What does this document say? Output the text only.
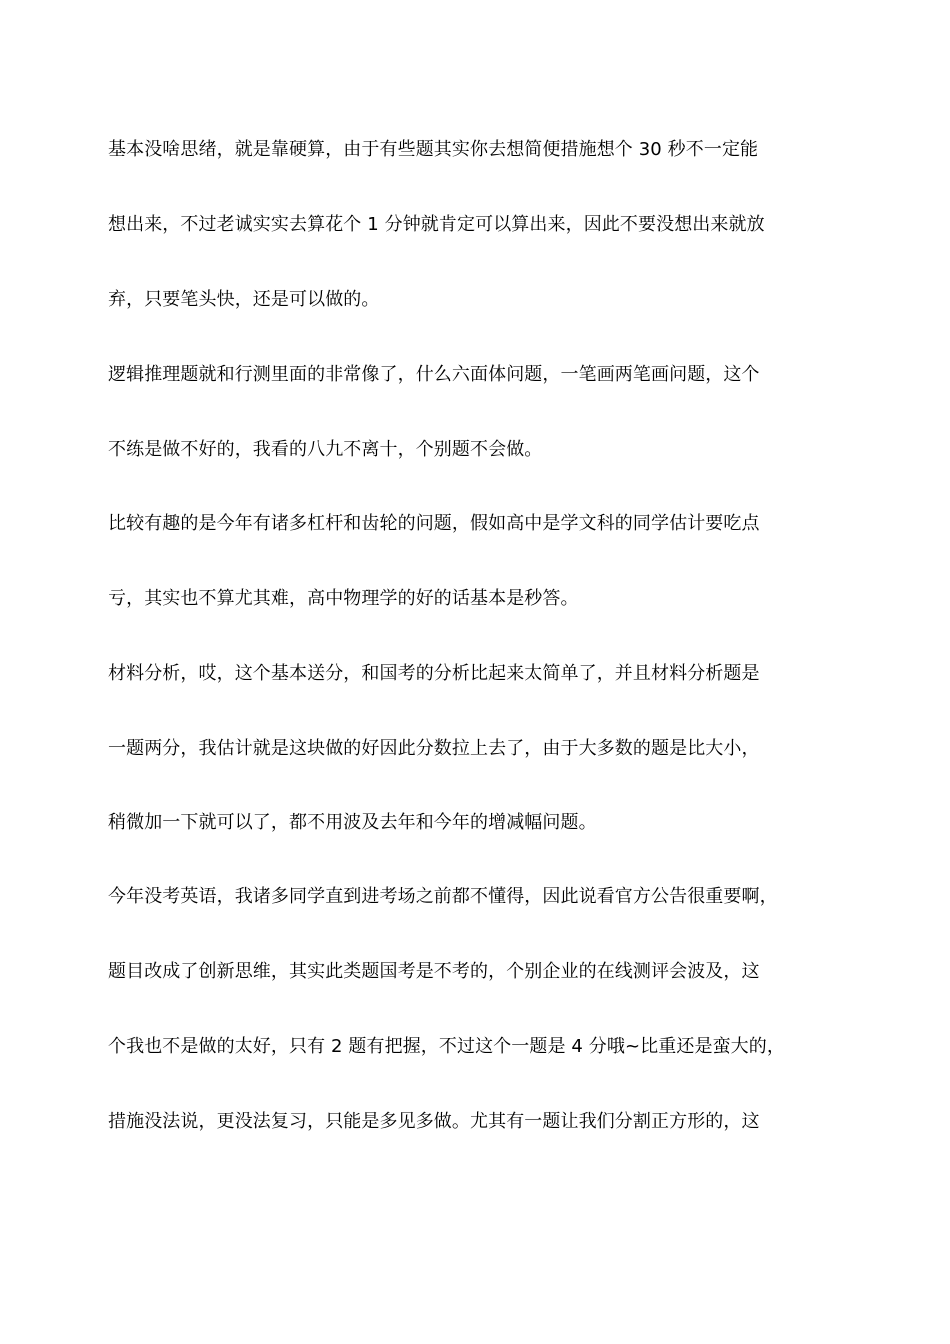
基本没啥思绪，就是靠硬算，由于有些题其实你去想简便措施想个 30 秒不一定能
想出来，不过老诚实实去算花个 1 分钟就肯定可以算出来，因此不要没想出来就放
弃，只要笔头快，还是可以做的。
逻辑推理题就和行测里面的非常像了，什么六面体问题，一笔画两笔画问题，这个
不练是做不好的，我看的八九不离十，个别题不会做。
比较有趣的是今年有诸多杠杆和齿轮的问题，假如高中是学文科的同学估计要吃点
亏，其实也不算尤其难，高中物理学的好的话基本是秒答。
材料分析，哎，这个基本送分，和国考的分析比起来太简单了，并且材料分析题是
一题两分，我估计就是这块做的好因此分数拉上去了，由于大多数的题是比大小，
稍微加一下就可以了，都不用波及去年和今年的增减幅问题。
今年没考英语，我诸多同学直到进考场之前都不懂得，因此说看官方公告很重要啊，
题目改成了创新思维，其实此类题国考是不考的，个别企业的在线测评会波及，这
个我也不是做的太好，只有 2 题有把握，不过这个一题是 4 分哦~比重还是蛮大的，
措施没法说，更没法复习，只能是多见多做。尤其有一题让我们分割正方形的，这
